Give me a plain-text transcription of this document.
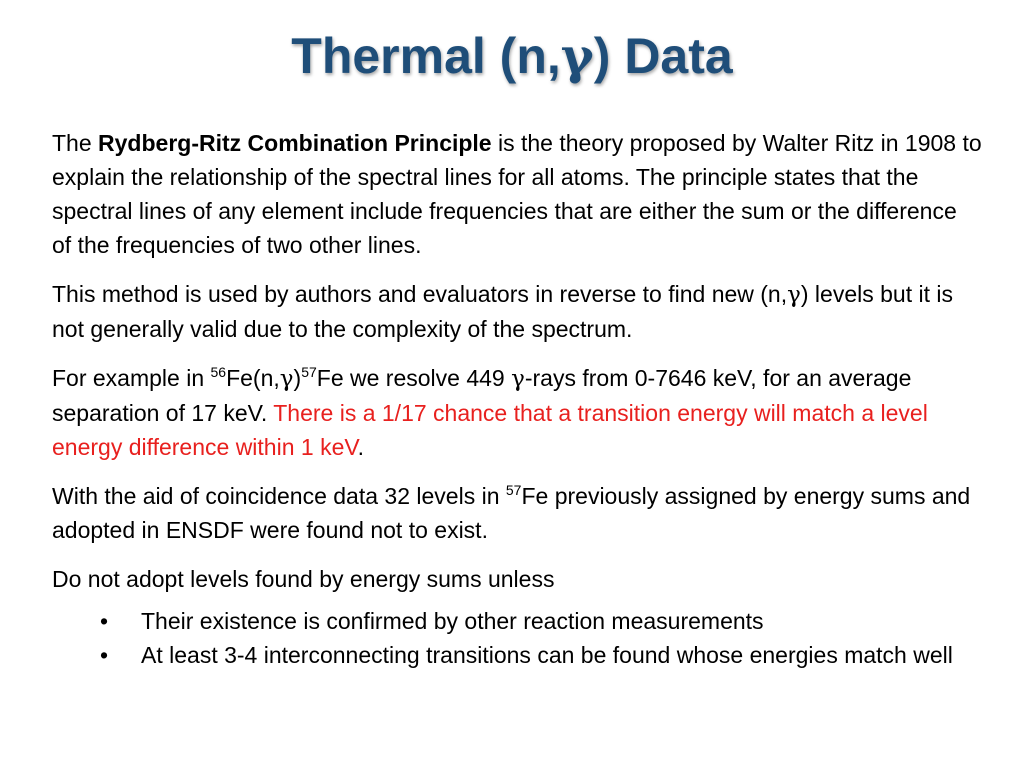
Thermal (n,γ) Data

The Rydberg-Ritz Combination Principle is the theory proposed by Walter Ritz in 1908 to explain the relationship of the spectral lines for all atoms. The principle states that the spectral lines of any element include frequencies that are either the sum or the difference of the frequencies of two other lines.

This method is used by authors and evaluators in reverse to find new (n,γ) levels but it is not generally valid due to the complexity of the spectrum.

For example in $^{56}Fe(n,\gamma)^{57}Fe$ we resolve 449 γ-rays from 0-7646 keV, for an average separation of 17 keV. There is a 1/17 chance that a transition energy will match a level energy difference within 1 keV.

With the aid of coincidence data 32 levels in $^{57}$Fe previously assigned by energy sums and adopted in ENSDF were found not to exist.

Do not adopt levels found by energy sums unless

• Their existence is confirmed by other reaction measurements
• At least 3-4 interconnecting transitions can be found whose energies match well
